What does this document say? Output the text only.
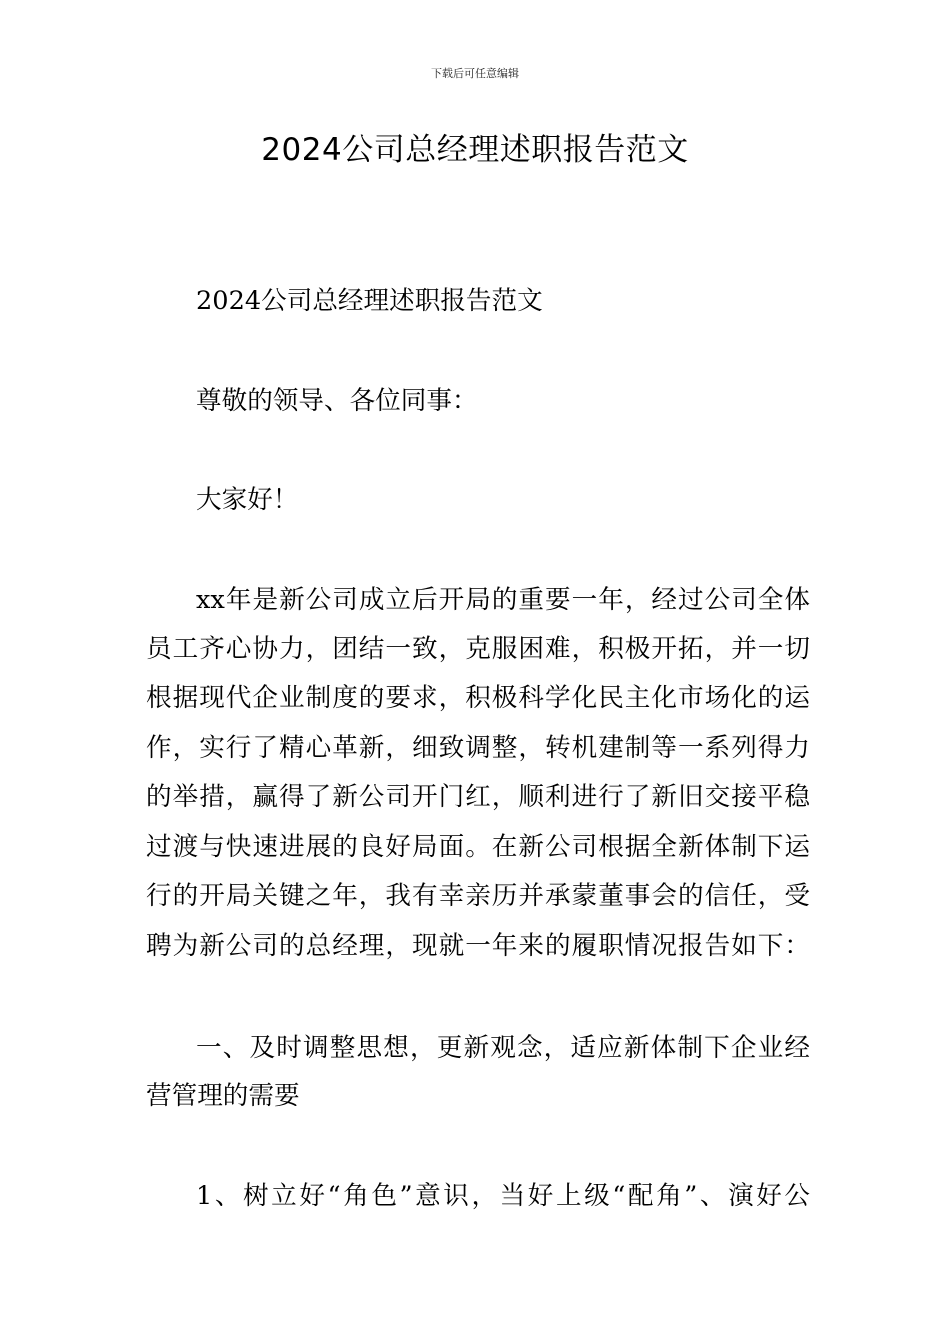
下载后可任意编辑
2024公司总经理述职报告范文
2024公司总经理述职报告范文
尊敬的领导、各位同事：
大家好！
xx年是新公司成立后开局的重要一年，经过公司全体
员工齐心协力，团结一致，克服困难，积极开拓，并一切
根据现代企业制度的要求，积极科学化民主化市场化的运
作，实行了精心革新，细致调整，转机建制等一系列得力
的举措，赢得了新公司开门红，顺利进行了新旧交接平稳
过渡与快速进展的良好局面。在新公司根据全新体制下运
行的开局关键之年，我有幸亲历并承蒙董事会的信任，受
聘为新公司的总经理，现就一年来的履职情况报告如下：
一、及时调整思想，更新观念，适应新体制下企业经
营管理的需要
1、树立好“角色”意识，当好上级“配角”、演好公
